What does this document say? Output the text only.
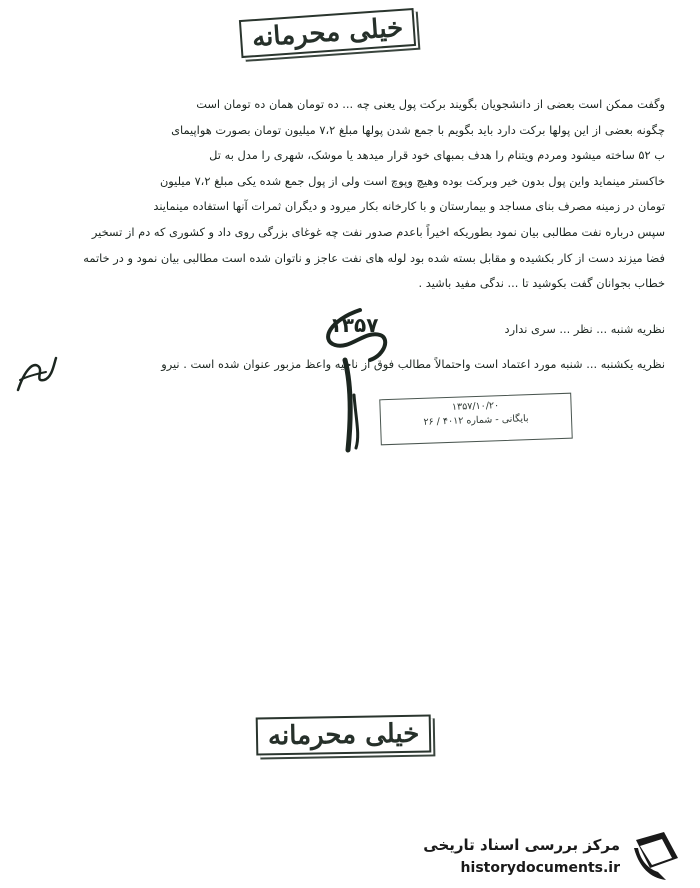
خیلی محرمانه
وگفت ممکن است بعضی از دانشجویان بگویند برکت پول یعنی چه ... ده تومان همان ده تومان است
چگونه بعضی از این پولها برکت دارد باید بگویم با جمع شدن پولها مبلغ ۷،۲ میلیون تومان بصورت هواپیمای
ب ۵۲ ساخته میشود ومردم ویتنام را هدف بمبهای خود قرار میدهد یا موشک، شهری را مدل به تل
خاکستر مینماید واین پول بدون خیر وبرکت بوده وهیچ وپوچ است ولی از پول جمع شده یکی مبلغ ۷،۲ میلیون
تومان در زمینه مصرف بنای مساجد و بیمارستان و با کارخانه بکار میرود و دیگران ثمرات آنها استفاده مینمایند
سپس درباره نفت مطالبی بیان نمود بطوریکه اخیراً باعدم صدور نفت چه غوغای بزرگی روی داد و کشوری که دم از تسخیر
فضا میزند دست از کار بکشیده و مقابل بسته شده بود لوله های نفت عاجز و ناتوان شده است مطالبی بیان نمود و در خاتمه
خطاب بجوانان گفت بکوشید تا ... ندگی مفید باشید .
نظریه شنبه ... نظر ... سری ندارد
نظریه یکشنبه ... شنبه مورد اعتماد است واحتمالاً مطالب فوق از ناحیه واعظ مزبور عنوان شده است . نیرو
۱۳۵۷
۱۳۵۷/۱۰/۲۰
بایگانی - شماره ۴۰۱۲ / ۲۶
خیلی محرمانه
مرکز بررسی اسناد تاریخی
historydocuments.ir
